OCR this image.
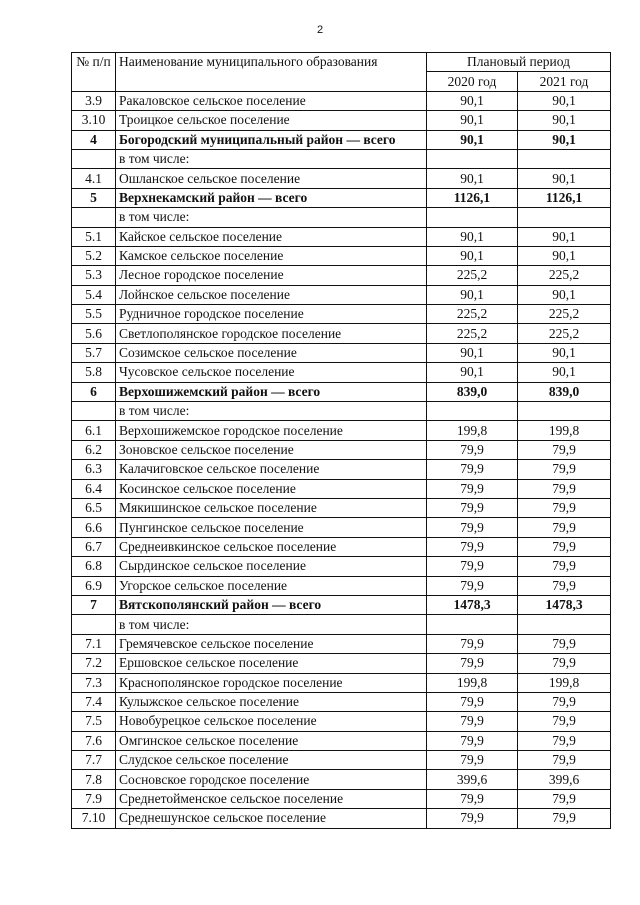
2
№ п/п	Наименование муниципального образования	Плановый период	
		2020 год	2021 год
3.9	Ракаловское сельское поселение	90,1	90,1
3.10	Троицкое сельское поселение	90,1	90,1
4	Богородский муниципальный район — всего	90,1	90,1
	в том числе:		
4.1	Ошланское сельское поселение	90,1	90,1
5	Верхнекамский район — всего	1126,1	1126,1
	в том числе:		
5.1	Кайское сельское поселение	90,1	90,1
5.2	Камское сельское поселение	90,1	90,1
5.3	Лесное городское поселение	225,2	225,2
5.4	Лойнское сельское поселение	90,1	90,1
5.5	Рудничное городское поселение	225,2	225,2
5.6	Светлополянское городское поселение	225,2	225,2
5.7	Созимское сельское поселение	90,1	90,1
5.8	Чусовское сельское поселение	90,1	90,1
6	Верхошижемский район — всего	839,0	839,0
	в том числе:		
6.1	Верхошижемское городское поселение	199,8	199,8
6.2	Зоновское сельское поселение	79,9	79,9
6.3	Калачиговское сельское поселение	79,9	79,9
6.4	Косинское сельское поселение	79,9	79,9
6.5	Мякишинское сельское поселение	79,9	79,9
6.6	Пунгинское сельское поселение	79,9	79,9
6.7	Среднеивкинское сельское поселение	79,9	79,9
6.8	Сырдинское сельское поселение	79,9	79,9
6.9	Угорское сельское поселение	79,9	79,9
7	Вятскополянский район — всего	1478,3	1478,3
	в том числе:		
7.1	Гремячевское сельское поселение	79,9	79,9
7.2	Ершовское сельское поселение	79,9	79,9
7.3	Краснополянское городское поселение	199,8	199,8
7.4	Кулыжское сельское поселение	79,9	79,9
7.5	Новобурецкое сельское поселение	79,9	79,9
7.6	Омгинское сельское поселение	79,9	79,9
7.7	Слудское сельское поселение	79,9	79,9
7.8	Сосновское городское поселение	399,6	399,6
7.9	Среднетойменское сельское поселение	79,9	79,9
7.10	Среднешунское сельское поселение	79,9	79,9
